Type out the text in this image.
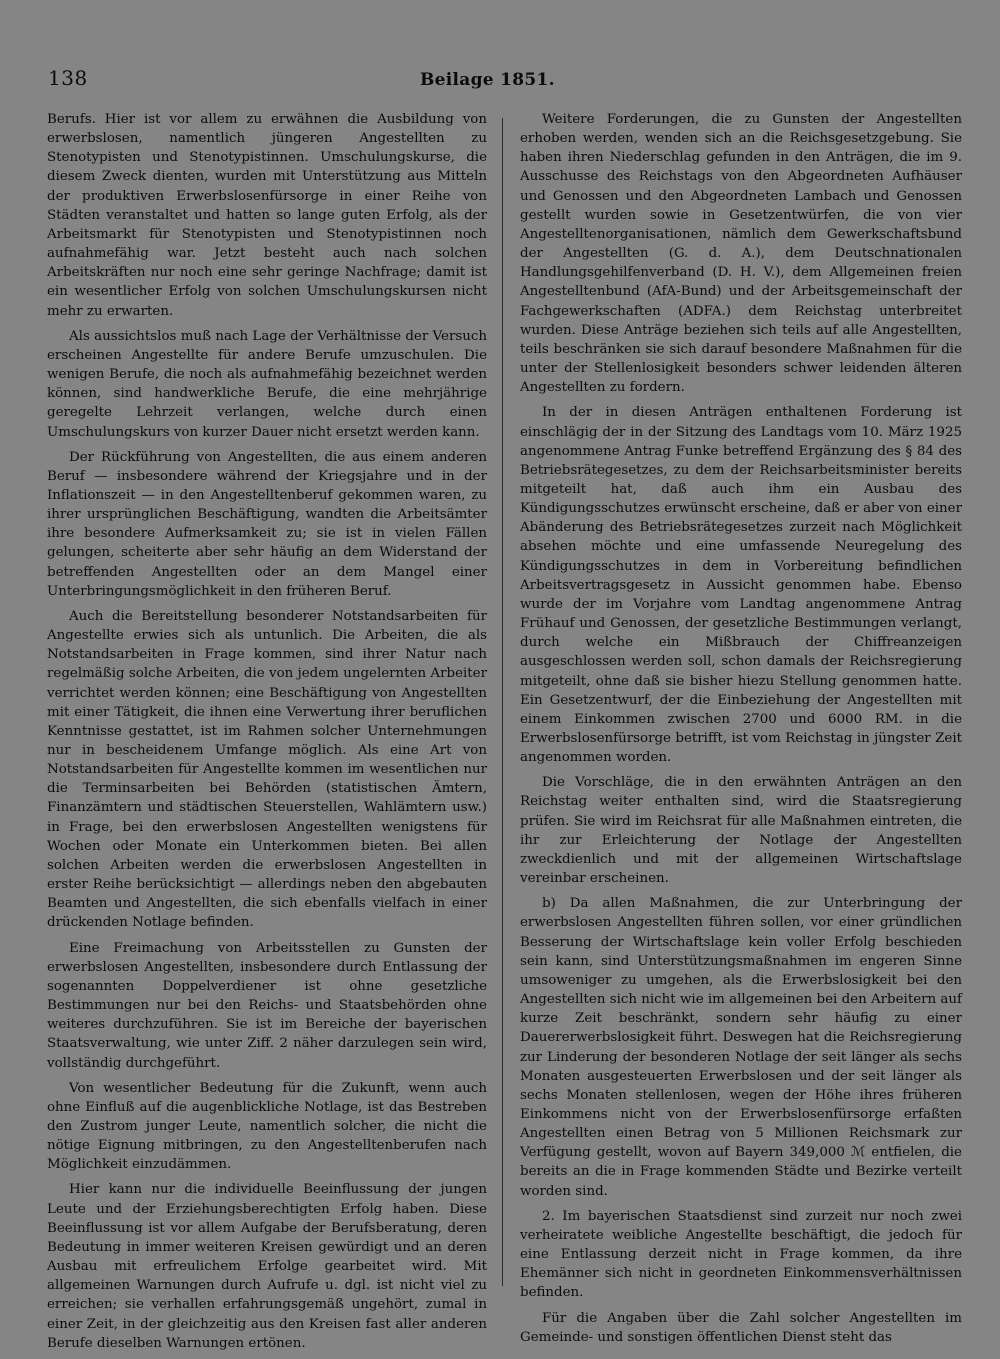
138	Beilage 1851.

Berufs. Hier ist vor allem zu erwähnen die Ausbildung von erwerbslosen, namentlich jüngeren Angestellten zu Stenotypisten und Stenotypistinnen. Umschulungskurse, die diesem Zweck dienten, wurden mit Unterstützung aus Mitteln der produktiven Erwerbslosenfürsorge in einer Reihe von Städten veranstaltet und hatten so lange guten Erfolg, als der Arbeitsmarkt für Stenotypisten und Stenotypistinnen noch aufnahmefähig war. Jetzt besteht auch nach solchen Arbeitskräften nur noch eine sehr geringe Nachfrage; damit ist ein wesentlicher Erfolg von solchen Umschulungskursen nicht mehr zu erwarten.

Als aussichtslos muß nach Lage der Verhältnisse der Versuch erscheinen Angestellte für andere Berufe umzuschulen. Die wenigen Berufe, die noch als aufnahmefähig bezeichnet werden können, sind handwerkliche Berufe, die eine mehrjährige geregelte Lehrzeit verlangen, welche durch einen Umschulungskurs von kurzer Dauer nicht ersetzt werden kann.

Der Rückführung von Angestellten, die aus einem anderen Beruf — insbesondere während der Kriegsjahre und in der Inflationszeit — in den Angestelltenberuf gekommen waren, zu ihrer ursprünglichen Beschäftigung, wandten die Arbeitsämter ihre besondere Aufmerksamkeit zu; sie ist in vielen Fällen gelungen, scheiterte aber sehr häufig an dem Widerstand der betreffenden Angestellten oder an dem Mangel einer Unterbringungsmöglichkeit in den früheren Beruf.

Auch die Bereitstellung besonderer Notstandsarbeiten für Angestellte erwies sich als untunlich. Die Arbeiten, die als Notstandsarbeiten in Frage kommen, sind ihrer Natur nach regelmäßig solche Arbeiten, die von jedem ungelernten Arbeiter verrichtet werden können; eine Beschäftigung von Angestellten mit einer Tätigkeit, die ihnen eine Verwertung ihrer beruflichen Kenntnisse gestattet, ist im Rahmen solcher Unternehmungen nur in bescheidenem Umfange möglich. Als eine Art von Notstandsarbeiten für Angestellte kommen im wesentlichen nur die Terminsarbeiten bei Behörden (statistischen Ämtern, Finanzämtern und städtischen Steuerstellen, Wahlämtern usw.) in Frage, bei den erwerbslosen Angestellten wenigstens für Wochen oder Monate ein Unterkommen bieten. Bei allen solchen Arbeiten werden die erwerbslosen Angestellten in erster Reihe berücksichtigt — allerdings neben den abgebauten Beamten und Angestellten, die sich ebenfalls vielfach in einer drückenden Notlage befinden.

Eine Freimachung von Arbeitsstellen zu Gunsten der erwerbslosen Angestellten, insbesondere durch Entlassung der sogenannten Doppelverdiener ist ohne gesetzliche Bestimmungen nur bei den Reichs- und Staatsbehörden ohne weiteres durchzuführen. Sie ist im Bereiche der bayerischen Staatsverwaltung, wie unter Ziff. 2 näher darzulegen sein wird, vollständig durchgeführt.

Von wesentlicher Bedeutung für die Zukunft, wenn auch ohne Einfluß auf die augenblickliche Notlage, ist das Bestreben den Zustrom junger Leute, namentlich solcher, die nicht die nötige Eignung mitbringen, zu den Angestelltenberufen nach Möglichkeit einzudämmen.

Hier kann nur die individuelle Beeinflussung der jungen Leute und der Erziehungsberechtigten Erfolg haben. Diese Beeinflussung ist vor allem Aufgabe der Berufsberatung, deren Bedeutung in immer weiteren Kreisen gewürdigt und an deren Ausbau mit erfreulichem Erfolge gearbeitet wird. Mit allgemeinen Warnungen durch Aufrufe u. dgl. ist nicht viel zu erreichen; sie verhallen erfahrungsgemäß ungehört, zumal in einer Zeit, in der gleichzeitig aus den Kreisen fast aller anderen Berufe dieselben Warnungen ertönen.

Weitere Forderungen, die zu Gunsten der Angestellten erhoben werden, wenden sich an die Reichsgesetzgebung. Sie haben ihren Niederschlag gefunden in den Anträgen, die im 9. Ausschusse des Reichstags von den Abgeordneten Aufhäuser und Genossen und den Abgeordneten Lambach und Genossen gestellt wurden sowie in Gesetzentwürfen, die von vier Angestelltenorganisationen, nämlich dem Gewerkschaftsbund der Angestellten (G. d. A.), dem Deutschnationalen Handlungsgehilfenverband (D. H. V.), dem Allgemeinen freien Angestelltenbund (AfA-Bund) und der Arbeitsgemeinschaft der Fachgewerkschaften (ADFA.) dem Reichstag unterbreitet wurden. Diese Anträge beziehen sich teils auf alle Angestellten, teils beschränken sie sich darauf besondere Maßnahmen für die unter der Stellenlosigkeit besonders schwer leidenden älteren Angestellten zu fordern.

In der in diesen Anträgen enthaltenen Forderung ist einschlägig der in der Sitzung des Landtags vom 10. März 1925 angenommene Antrag Funke betreffend Ergänzung des § 84 des Betriebsrätegesetzes, zu dem der Reichsarbeitsminister bereits mitgeteilt hat, daß auch ihm ein Ausbau des Kündigungsschutzes erwünscht erscheine, daß er aber von einer Abänderung des Betriebsrätegesetzes zurzeit nach Möglichkeit absehen möchte und eine umfassende Neuregelung des Kündigungsschutzes in dem in Vorbereitung befindlichen Arbeitsvertragsgesetz in Aussicht genommen habe. Ebenso wurde der im Vorjahre vom Landtag angenommene Antrag Frühauf und Genossen, der gesetzliche Bestimmungen verlangt, durch welche ein Mißbrauch der Chiffreanzeigen ausgeschlossen werden soll, schon damals der Reichsregierung mitgeteilt, ohne daß sie bisher hiezu Stellung genommen hatte. Ein Gesetzentwurf, der die Einbeziehung der Angestellten mit einem Einkommen zwischen 2700 und 6000 RM. in die Erwerbslosenfürsorge betrifft, ist vom Reichstag in jüngster Zeit angenommen worden.

Die Vorschläge, die in den erwähnten Anträgen an den Reichstag weiter enthalten sind, wird die Staatsregierung prüfen. Sie wird im Reichsrat für alle Maßnahmen eintreten, die ihr zur Erleichterung der Notlage der Angestellten zweckdienlich und mit der allgemeinen Wirtschaftslage vereinbar erscheinen.

b) Da allen Maßnahmen, die zur Unterbringung der erwerbslosen Angestellten führen sollen, vor einer gründlichen Besserung der Wirtschaftslage kein voller Erfolg beschieden sein kann, sind Unterstützungsmaßnahmen im engeren Sinne umsoweniger zu umgehen, als die Erwerbslosigkeit bei den Angestellten sich nicht wie im allgemeinen bei den Arbeitern auf kurze Zeit beschränkt, sondern sehr häufig zu einer Dauererwerbslosigkeit führt. Deswegen hat die Reichsregierung zur Linderung der besonderen Notlage der seit länger als sechs Monaten ausgesteuerten Erwerbslosen und der seit länger als sechs Monaten stellenlosen, wegen der Höhe ihres früheren Einkommens nicht von der Erwerbslosenfürsorge erfaßten Angestellten einen Betrag von 5 Millionen Reichsmark zur Verfügung gestellt, wovon auf Bayern 349,000 ℳ entfielen, die bereits an die in Frage kommenden Städte und Bezirke verteilt worden sind.

2. Im bayerischen Staatsdienst sind zurzeit nur noch zwei verheiratete weibliche Angestellte beschäftigt, die jedoch für eine Entlassung derzeit nicht in Frage kommen, da ihre Ehemänner sich nicht in geordneten Einkommensverhältnissen befinden.

Für die Angaben über die Zahl solcher Angestellten im Gemeinde- und sonstigen öffentlichen Dienst steht das
